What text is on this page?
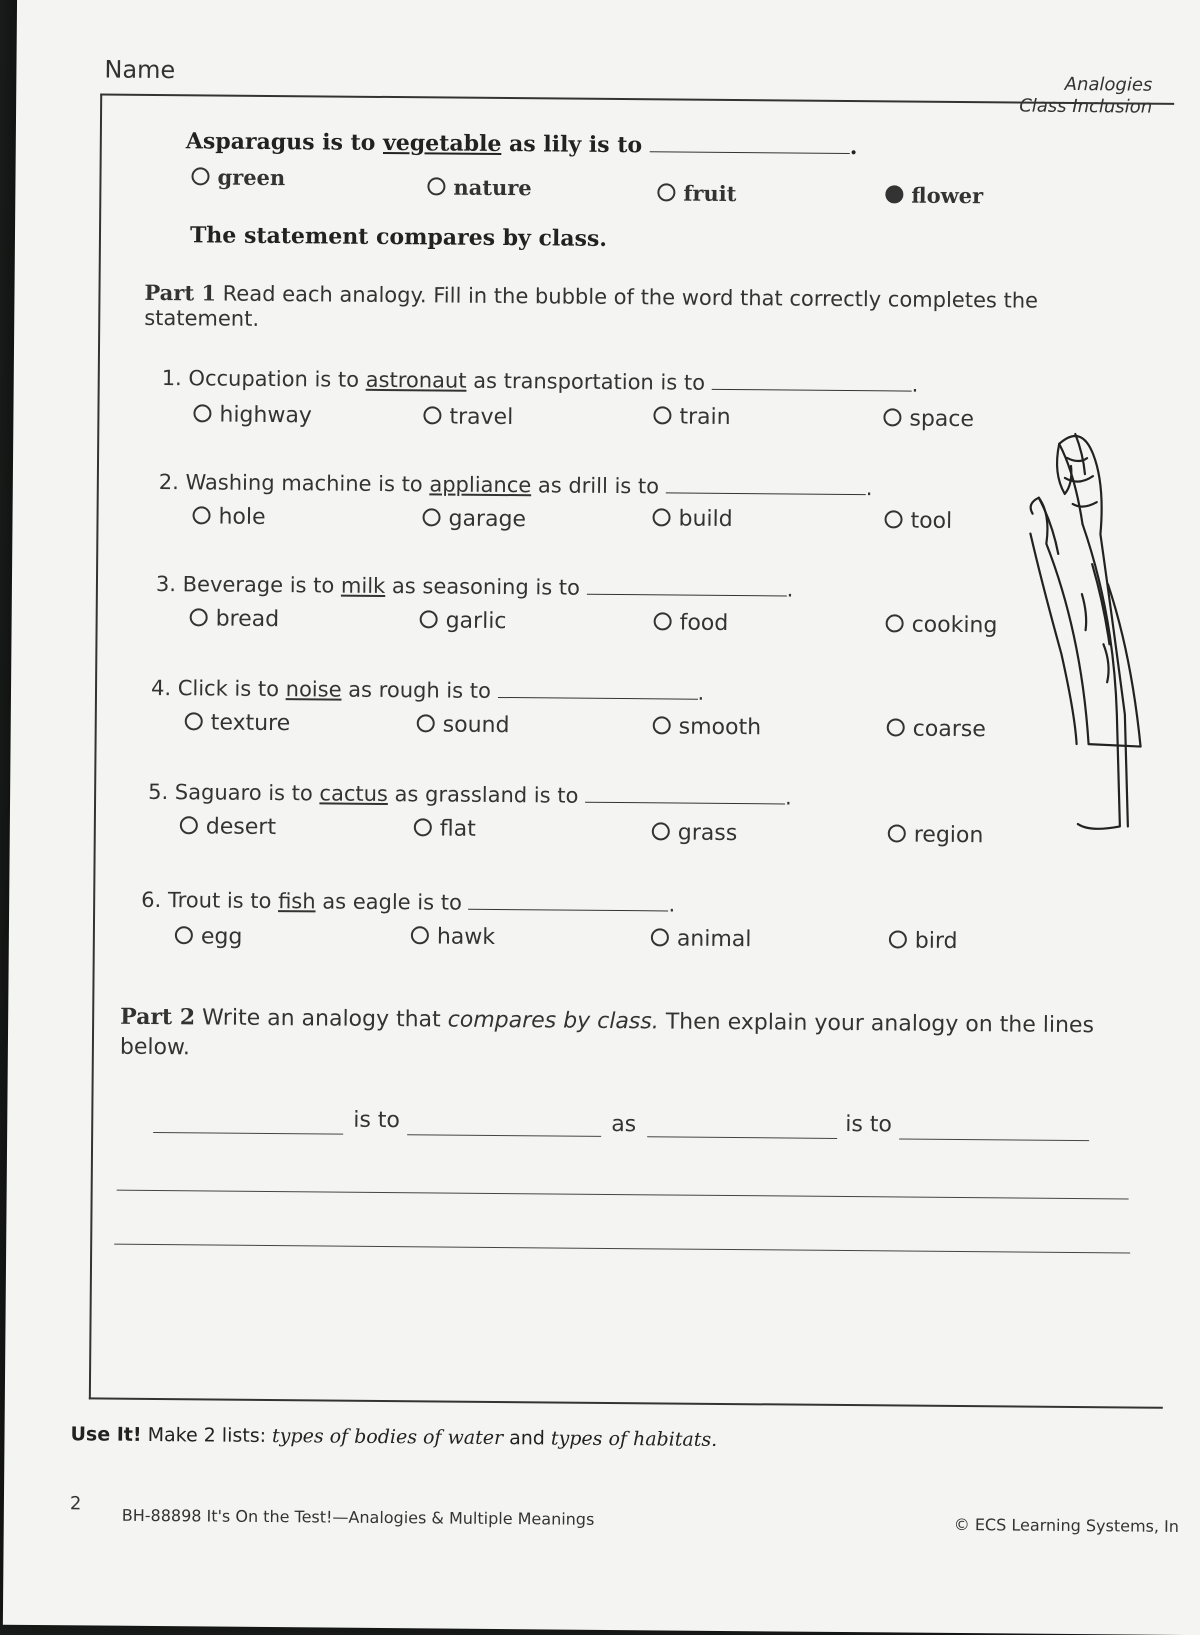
Name
Analogies
Class Inclusion
Asparagus is to vegetable as lily is to	.
green	nature	fruit	flower
The statement compares by class.
Part 1 Read each analogy. Fill in the bubble of the word that correctly completes the statement.
1. Occupation is to astronaut as transportation is to	.
highway	travel	train	space
2. Washing machine is to appliance as drill is to	.
hole	garage	build	tool
3. Beverage is to milk as seasoning is to	.
bread	garlic	food	cooking
4. Click is to noise as rough is to	.
texture	sound	smooth	coarse
5. Saguaro is to cactus as grassland is to	.
desert	flat	grass	region
6. Trout is to fish as eagle is to	.
egg	hawk	animal	bird
Part 2 Write an analogy that compares by class. Then explain your analogy on the lines below.
is to	as	is to
Use It! Make 2 lists: types of bodies of water and types of habitats.
2
BH-88898 It's On the Test!—Analogies & Multiple Meanings	© ECS Learning Systems, In
